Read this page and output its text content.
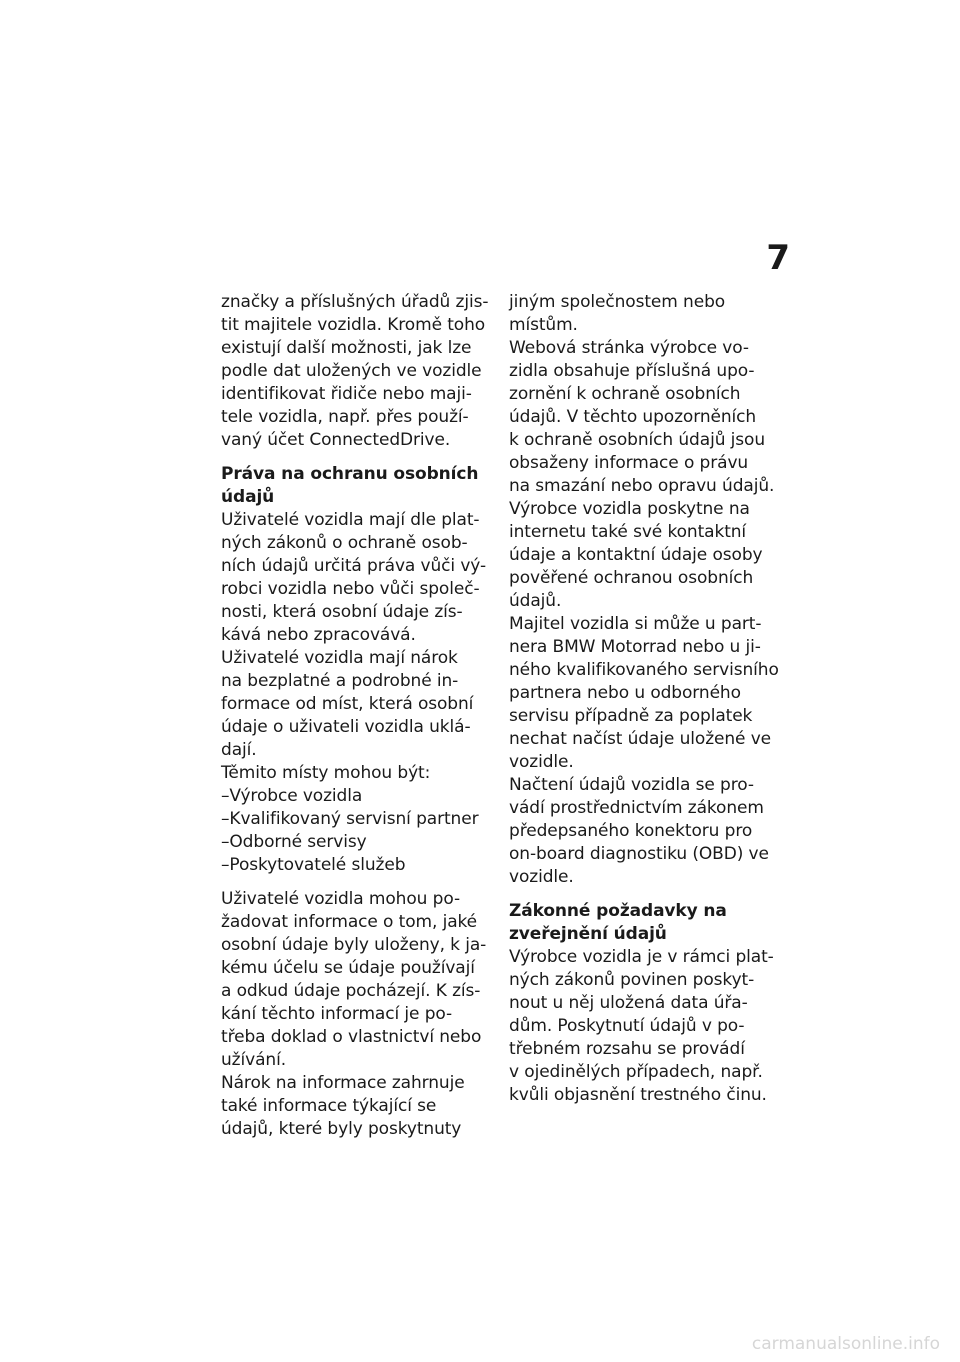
7
značky a příslušných úřadů zjis-
tit majitele vozidla. Kromě toho
existují další možnosti, jak lze
podle dat uložených ve vozidle
identifikovat řidiče nebo maji-
tele vozidla, např. přes použí-
vaný účet ConnectedDrive.
Práva na ochranu osobních
údajů
Uživatelé vozidla mají dle plat-
ných zákonů o ochraně osob-
ních údajů určitá práva vůči vý-
robci vozidla nebo vůči společ-
nosti, která osobní údaje zís-
kává nebo zpracovává.
Uživatelé vozidla mají nárok
na bezplatné a podrobné in-
formace od míst, která osobní
údaje o uživateli vozidla uklá-
dají.
Těmito místy mohou být:
–Výrobce vozidla
–Kvalifikovaný servisní partner
–Odborné servisy
–Poskytovatelé služeb
Uživatelé vozidla mohou po-
žadovat informace o tom, jaké
osobní údaje byly uloženy, k ja-
kému účelu se údaje používají
a odkud údaje pocházejí. K zís-
kání těchto informací je po-
třeba doklad o vlastnictví nebo
užívání.
Nárok na informace zahrnuje
také informace týkající se
údajů, které byly poskytnuty
jiným společnostem nebo
místům.
Webová stránka výrobce vo-
zidla obsahuje příslušná upo-
zornění k ochraně osobních
údajů. V těchto upozorněních
k ochraně osobních údajů jsou
obsaženy informace o právu
na smazání nebo opravu údajů.
Výrobce vozidla poskytne na
internetu také své kontaktní
údaje a kontaktní údaje osoby
pověřené ochranou osobních
údajů.
Majitel vozidla si může u part-
nera BMW Motorrad nebo u ji-
ného kvalifikovaného servisního
partnera nebo u odborného
servisu případně za poplatek
nechat načíst údaje uložené ve
vozidle.
Načtení údajů vozidla se pro-
vádí prostřednictvím zákonem
předepsaného konektoru pro
on-board diagnostiku (OBD) ve
vozidle.
Zákonné požadavky na
zveřejnění údajů
Výrobce vozidla je v rámci plat-
ných zákonů povinen poskyt-
nout u něj uložená data úřa-
dům. Poskytnutí údajů v po-
třebném rozsahu se provádí
v ojedinělých případech, např.
kvůli objasnění trestného činu.
carmanualsonline.info
